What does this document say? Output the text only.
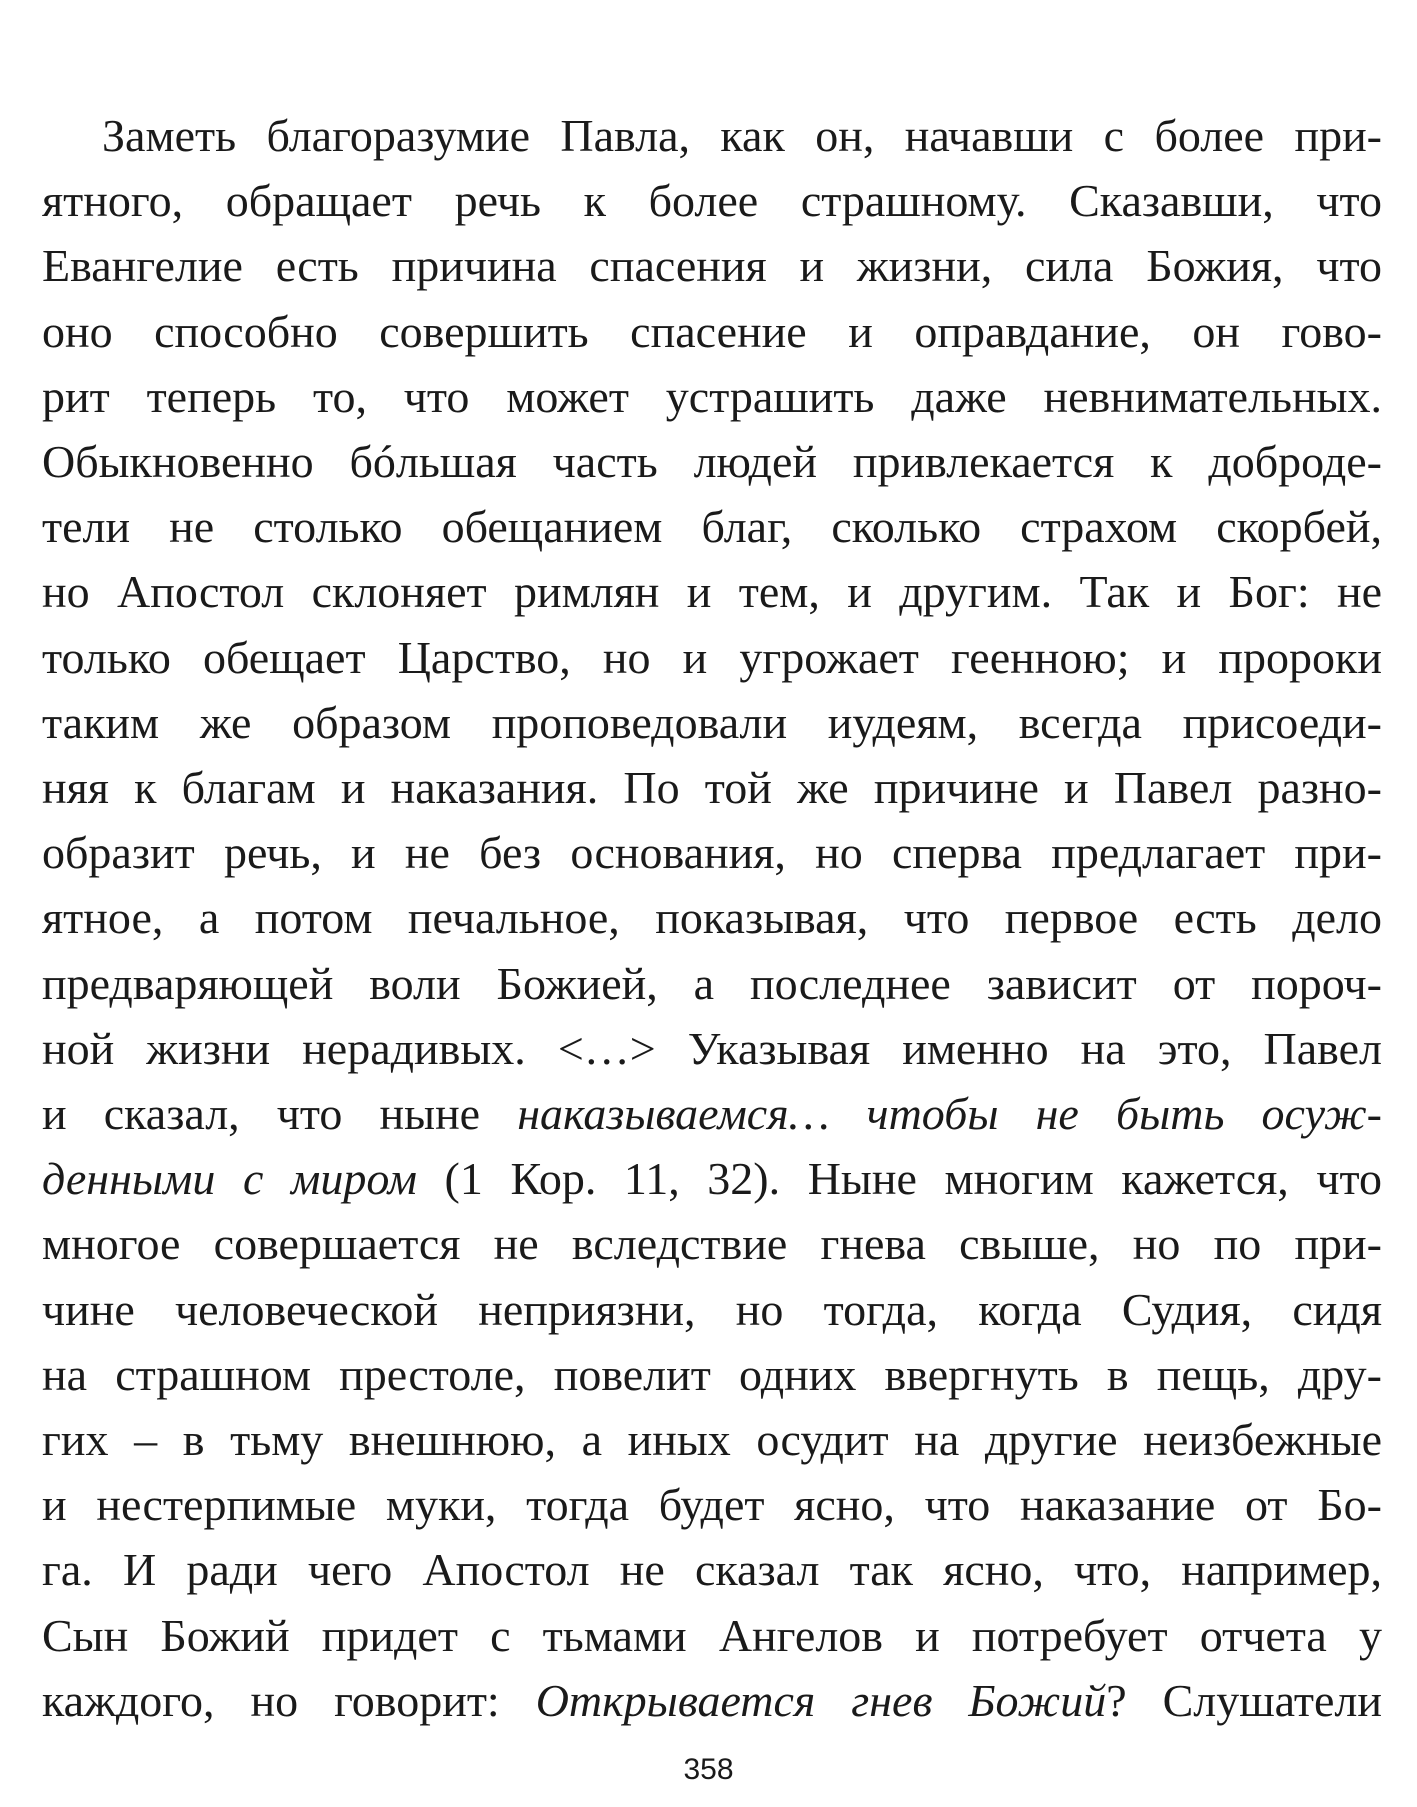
Заметь благоразумие Павла, как он, начавши с более при-
ятного, обращает речь к более страшному. Сказавши, что
Евангелие есть причина спасения и жизни, сила Божия, что
оно способно совершить спасение и оправдание, он гово-
рит теперь то, что может устрашить даже невнимательных.
Обыкновенно бóльшая часть людей привлекается к доброде-
тели не столько обещанием благ, сколько страхом скорбей,
но Апостол склоняет римлян и тем, и другим. Так и Бог: не
только обещает Царство, но и угрожает геенною; и пророки
таким же образом проповедовали иудеям, всегда присоеди-
няя к благам и наказания. По той же причине и Павел разно-
образит речь, и не без основания, но сперва предлагает при-
ятное, а потом печальное, показывая, что первое есть дело
предваряющей воли Божией, а последнее зависит от пороч-
ной жизни нерадивых. <…> Указывая именно на это, Павел
и сказал, что ныне наказываемся… чтобы не быть осуж-
денными с миром (1 Кор. 11, 32). Ныне многим кажется, что
многое совершается не вследствие гнева свыше, но по при-
чине человеческой неприязни, но тогда, когда Судия, сидя
на страшном престоле, повелит одних ввергнуть в пещь, дру-
гих – в тьму внешнюю, а иных осудит на другие неизбежные
и нестерпимые муки, тогда будет ясно, что наказание от Бо-
га. И ради чего Апостол не сказал так ясно, что, например,
Сын Божий придет с тьмами Ангелов и потребует отчета у
каждого, но говорит: Открывается гнев Божий? Слушатели

358
